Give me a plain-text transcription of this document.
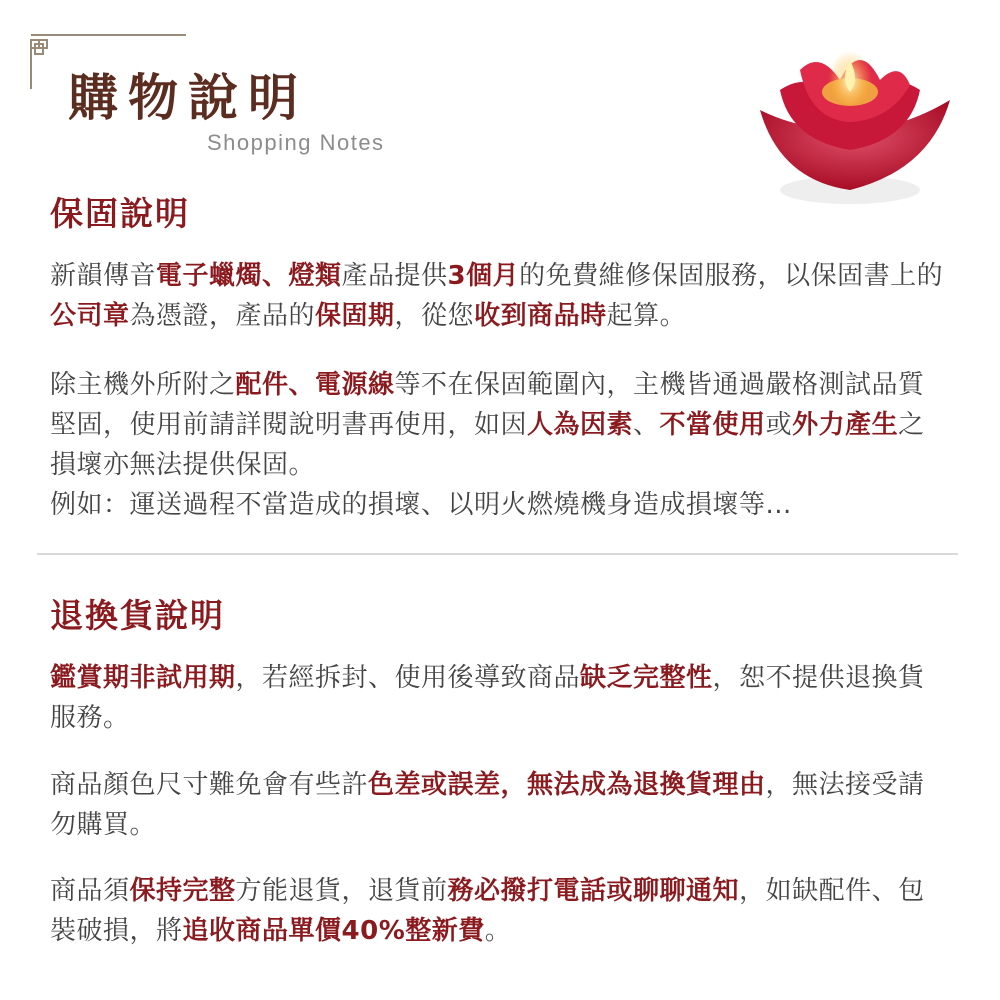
購物說明
Shopping Notes
保固說明
新韻傳音電子蠟燭、燈類產品提供3個月的免費維修保固服務，以保固書上的公司章為憑證，產品的保固期，從您收到商品時起算。
除主機外所附之配件、電源線等不在保固範圍內，主機皆通過嚴格測試品質堅固，使用前請詳閱說明書再使用，如因人為因素、不當使用或外力產生之損壞亦無法提供保固。
例如：運送過程不當造成的損壞、以明火燃燒機身造成損壞等...
退換貨說明
鑑賞期非試用期，若經拆封、使用後導致商品缺乏完整性，恕不提供退換貨服務。
商品顏色尺寸難免會有些許色差或誤差，無法成為退換貨理由，無法接受請勿購買。
商品須保持完整方能退貨，退貨前務必撥打電話或聊聊通知，如缺配件、包裝破損，將追收商品單價40%整新費。
